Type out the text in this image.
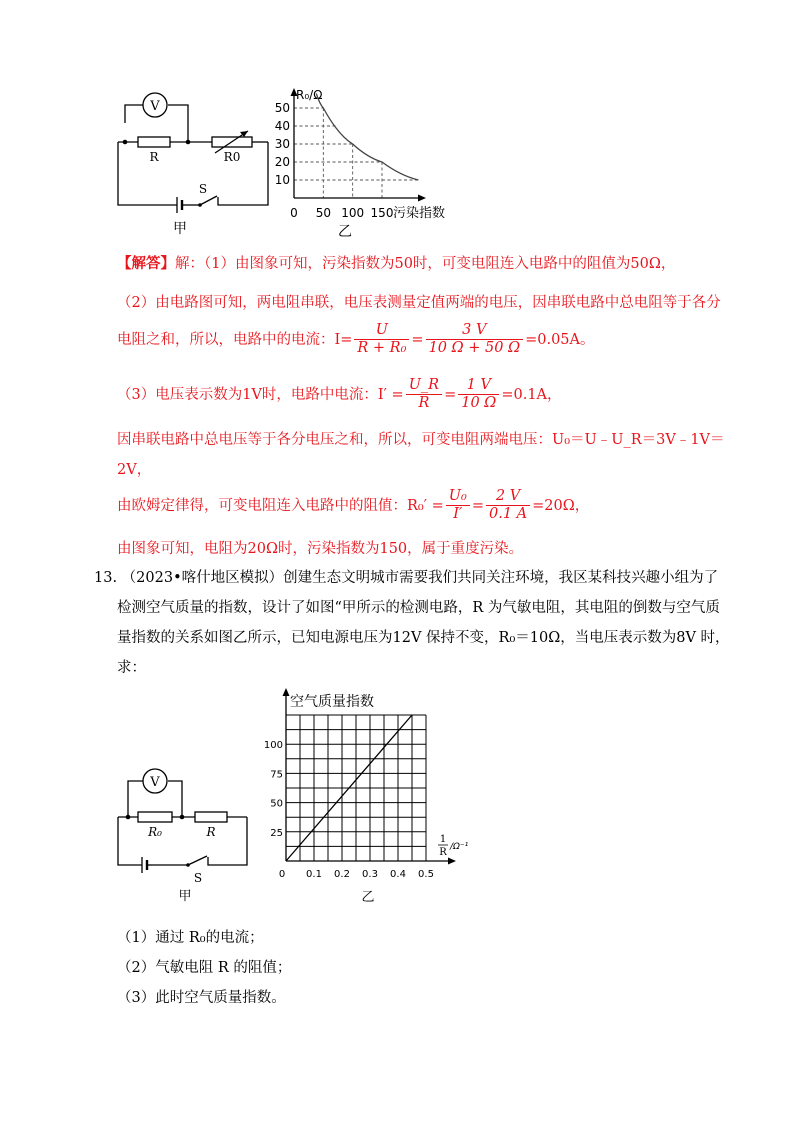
V
R	R0
S
甲
10
20
30
40
50
0 50 100 150
R₀/Ω
污染指数
乙
【解答】解：（1）由图象可知，污染指数为50时，可变电阻连入电路中的阻值为50Ω，
（2）由电路图可知，两电阻串联，电压表测量定值两端的电压，因串联电路中总电阻等于各分
电阻之和，所以，电路中的电流：$I= \frac{U}{\text{R + R₀}} = \frac{3 V}{10 \Omega + 50 \Omega} =0.05A$。
（3）电压表示数为1V时，电路中电流：$I' = \frac{U\_R}{R} = \frac{1 V}{10 \Omega} =0.1A$，
因串联电路中总电压等于各分电压之和，所以，可变电阻两端电压：U₀＝U﹣U_R＝3V﹣1V＝
2V，
由欧姆定律得，可变电阻连入电路中的阻值：$R_0' = \frac{\text{U₀}}{I'} = \frac{2 V}{0.1 A} =20\Omega$，
由图象可知，电阻为20Ω时，污染指数为150，属于重度污染。
13. （2023•喀什地区模拟）创建生态文明城市需要我们共同关注环境，我区某科技兴趣小组为了
检测空气质量的指数，设计了如图“甲所示的检测电路，R 为气敏电阻，其电阻的倒数与空气质
量指数的关系如图乙所示，已知电源电压为12V 保持不变，R₀＝10Ω，当电压表示数为8V 时，
求：
V
R₀	R
S
甲
25
50
75
100
0 0.1 0.2 0.3 0.4 0.5
空气质量指数
1
R /Ω⁻¹
乙
（1）通过 R₀的电流；
（2）气敏电阻 R 的阻值；
（3）此时空气质量指数。
